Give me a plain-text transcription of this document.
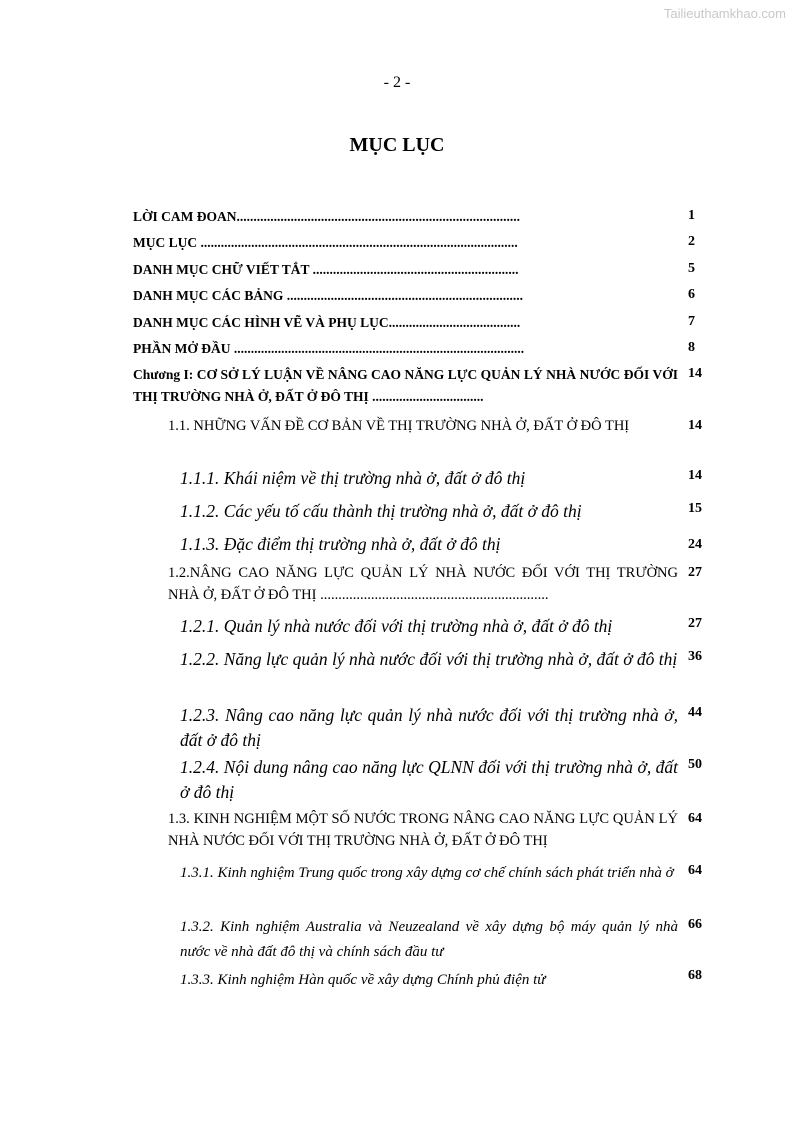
Tailieuthamkhao.com
- 2 -
MỤC LỤC
LỜI CAM ĐOAN....................................................................................	1
MỤC LỤC ..............................................................................................	2
DANH MỤC CHỮ VIẾT TẮT .............................................................	5
DANH MỤC CÁC BẢNG ......................................................................	6
DANH MỤC CÁC HÌNH VẼ VÀ PHỤ LỤC.......................................	7
PHẦN MỞ ĐẦU ......................................................................................	8
Chương I: CƠ SỞ LÝ LUẬN VỀ NÂNG CAO NĂNG LỰC QUẢN LÝ NHÀ NƯỚC ĐỐI VỚI THỊ TRƯỜNG NHÀ Ở, ĐẤT Ở ĐÔ THỊ .................................
14
1.1. NHỮNG VẤN ĐỀ CƠ BẢN VỀ THỊ TRƯỜNG NHÀ Ở, ĐẤT Ở ĐÔ THỊ	14
1.1.1. Khái niệm về thị trường nhà ở, đất ở đô thị	14
1.1.2. Các yếu tố cấu thành thị trường nhà ở, đất ở đô thị	15
1.1.3. Đặc điểm thị trường nhà ở, đất ở đô thị	24
1.2.NÂNG CAO NĂNG LỰC QUẢN LÝ NHÀ NƯỚC ĐỐI VỚI THỊ TRƯỜNG NHÀ Ở, ĐẤT Ở ĐÔ THỊ ...............................................................
27
1.2.1. Quản lý nhà nước đối với thị trường nhà ở, đất ở đô thị	27
1.2.2. Năng lực quản lý nhà nước đối với thị trường nhà ở, đất ở đô thị 36
1.2.3. Nâng cao năng lực quản lý nhà nước đối với thị trường nhà ở, đất ở đô thị
44
1.2.4. Nội dung nâng cao năng lực QLNN đối với thị trường nhà ở, đất ở đô thị
50
1.3. KINH NGHIỆM MỘT SỐ NƯỚC TRONG NÂNG CAO NĂNG LỰC QUẢN LÝ NHÀ NƯỚC ĐỐI VỚI THỊ TRƯỜNG NHÀ Ở, ĐẤT Ở ĐÔ THỊ
64
1.3.1. Kinh nghiệm Trung quốc trong xây dựng cơ chế chính sách phát triển nhà ở	64
1.3.2. Kinh nghiệm Australia và Neuzealand về xây dựng bộ máy quản lý nhà nước về nhà đất đô thị và chính sách đầu tư
66
1.3.3. Kinh nghiệm Hàn quốc về xây dựng Chính phủ điện tử	68
